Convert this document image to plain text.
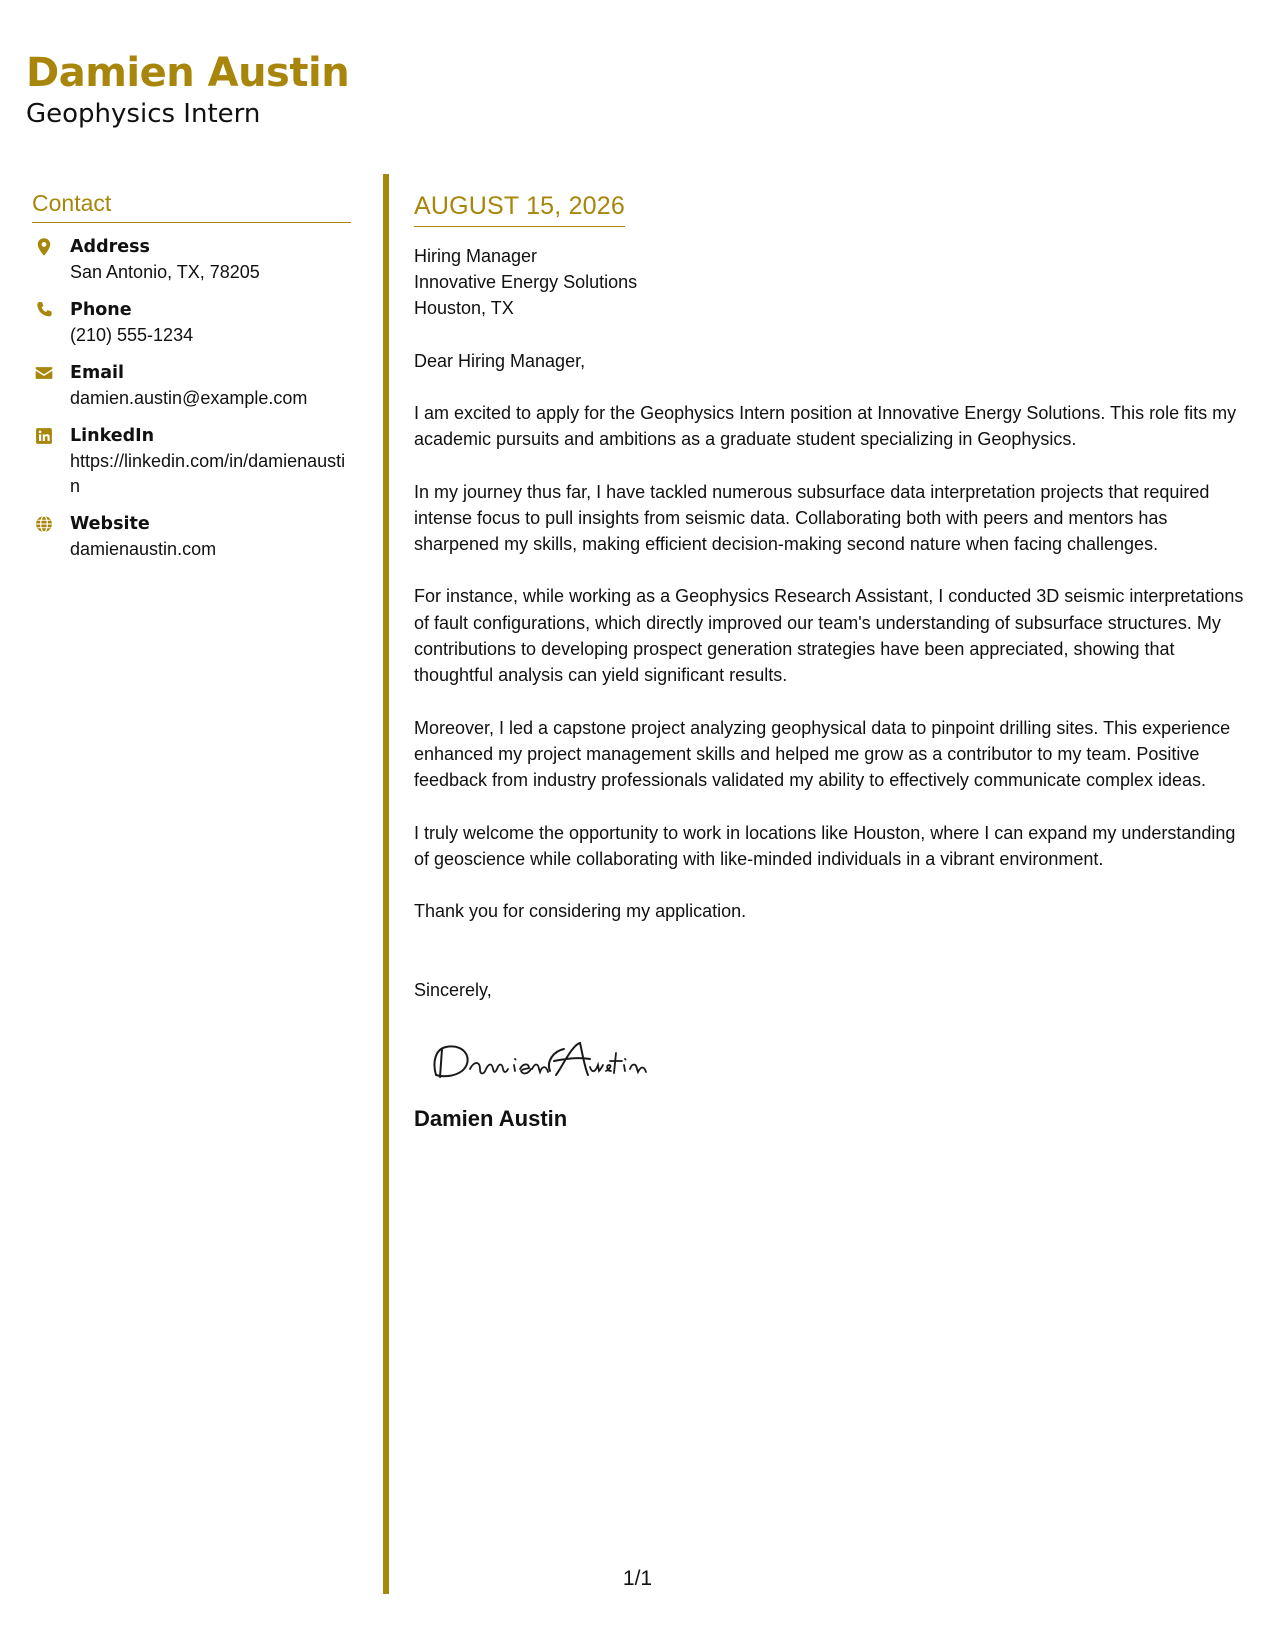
Damien Austin
Geophysics Intern
Contact
Address
San Antonio, TX, 78205
Phone
(210) 555-1234
Email
damien.austin@example.com
LinkedIn
https://linkedin.com/in/damienaustin
Website
damienaustin.com
AUGUST 15, 2026
Hiring Manager
Innovative Energy Solutions
Houston, TX
Dear Hiring Manager,
I am excited to apply for the Geophysics Intern position at Innovative Energy Solutions. This role fits my academic pursuits and ambitions as a graduate student specializing in Geophysics.
In my journey thus far, I have tackled numerous subsurface data interpretation projects that required intense focus to pull insights from seismic data. Collaborating both with peers and mentors has sharpened my skills, making efficient decision-making second nature when facing challenges.
For instance, while working as a Geophysics Research Assistant, I conducted 3D seismic interpretations of fault configurations, which directly improved our team's understanding of subsurface structures. My contributions to developing prospect generation strategies have been appreciated, showing that thoughtful analysis can yield significant results.
Moreover, I led a capstone project analyzing geophysical data to pinpoint drilling sites. This experience enhanced my project management skills and helped me grow as a contributor to my team. Positive feedback from industry professionals validated my ability to effectively communicate complex ideas.
I truly welcome the opportunity to work in locations like Houston, where I can expand my understanding of geoscience while collaborating with like-minded individuals in a vibrant environment.
Thank you for considering my application.
Sincerely,
Damien Austin
1/1
